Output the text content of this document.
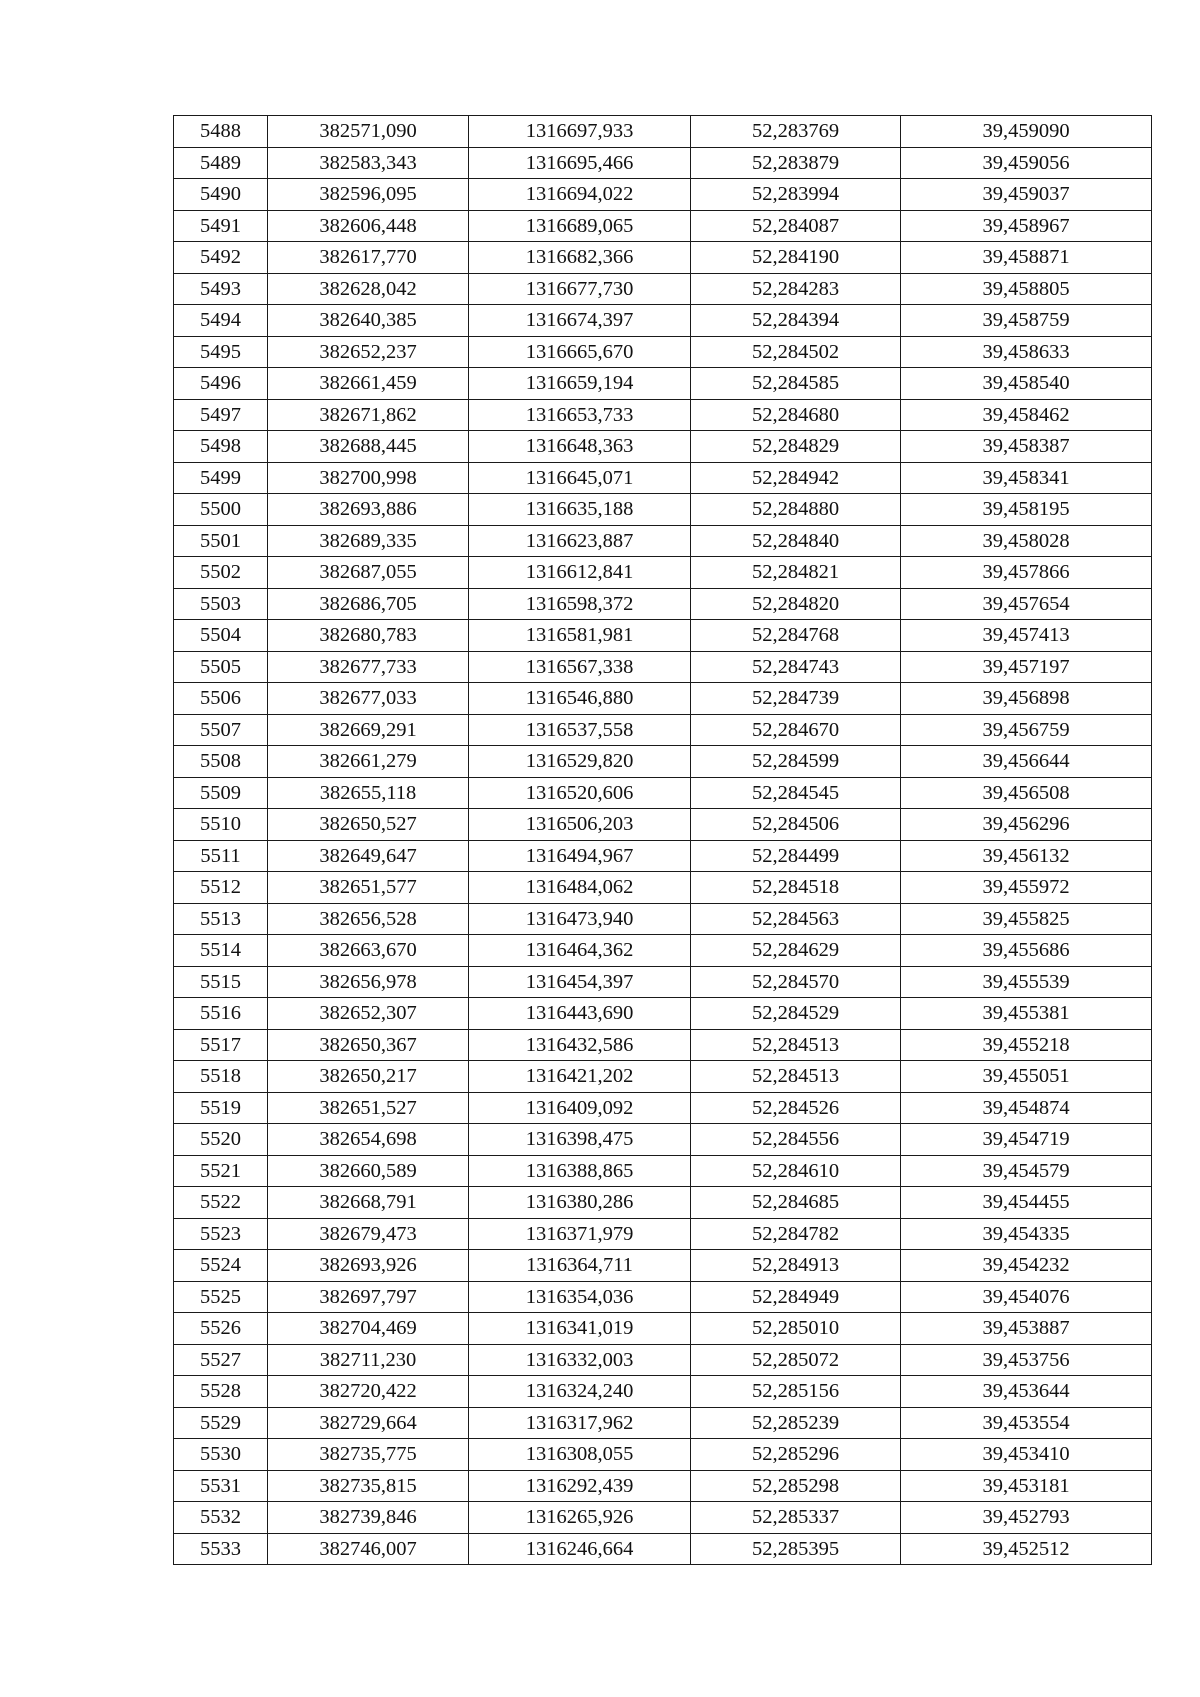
5488	382571,090	1316697,933	52,283769	39,459090
5489	382583,343	1316695,466	52,283879	39,459056
5490	382596,095	1316694,022	52,283994	39,459037
5491	382606,448	1316689,065	52,284087	39,458967
5492	382617,770	1316682,366	52,284190	39,458871
5493	382628,042	1316677,730	52,284283	39,458805
5494	382640,385	1316674,397	52,284394	39,458759
5495	382652,237	1316665,670	52,284502	39,458633
5496	382661,459	1316659,194	52,284585	39,458540
5497	382671,862	1316653,733	52,284680	39,458462
5498	382688,445	1316648,363	52,284829	39,458387
5499	382700,998	1316645,071	52,284942	39,458341
5500	382693,886	1316635,188	52,284880	39,458195
5501	382689,335	1316623,887	52,284840	39,458028
5502	382687,055	1316612,841	52,284821	39,457866
5503	382686,705	1316598,372	52,284820	39,457654
5504	382680,783	1316581,981	52,284768	39,457413
5505	382677,733	1316567,338	52,284743	39,457197
5506	382677,033	1316546,880	52,284739	39,456898
5507	382669,291	1316537,558	52,284670	39,456759
5508	382661,279	1316529,820	52,284599	39,456644
5509	382655,118	1316520,606	52,284545	39,456508
5510	382650,527	1316506,203	52,284506	39,456296
5511	382649,647	1316494,967	52,284499	39,456132
5512	382651,577	1316484,062	52,284518	39,455972
5513	382656,528	1316473,940	52,284563	39,455825
5514	382663,670	1316464,362	52,284629	39,455686
5515	382656,978	1316454,397	52,284570	39,455539
5516	382652,307	1316443,690	52,284529	39,455381
5517	382650,367	1316432,586	52,284513	39,455218
5518	382650,217	1316421,202	52,284513	39,455051
5519	382651,527	1316409,092	52,284526	39,454874
5520	382654,698	1316398,475	52,284556	39,454719
5521	382660,589	1316388,865	52,284610	39,454579
5522	382668,791	1316380,286	52,284685	39,454455
5523	382679,473	1316371,979	52,284782	39,454335
5524	382693,926	1316364,711	52,284913	39,454232
5525	382697,797	1316354,036	52,284949	39,454076
5526	382704,469	1316341,019	52,285010	39,453887
5527	382711,230	1316332,003	52,285072	39,453756
5528	382720,422	1316324,240	52,285156	39,453644
5529	382729,664	1316317,962	52,285239	39,453554
5530	382735,775	1316308,055	52,285296	39,453410
5531	382735,815	1316292,439	52,285298	39,453181
5532	382739,846	1316265,926	52,285337	39,452793
5533	382746,007	1316246,664	52,285395	39,452512
